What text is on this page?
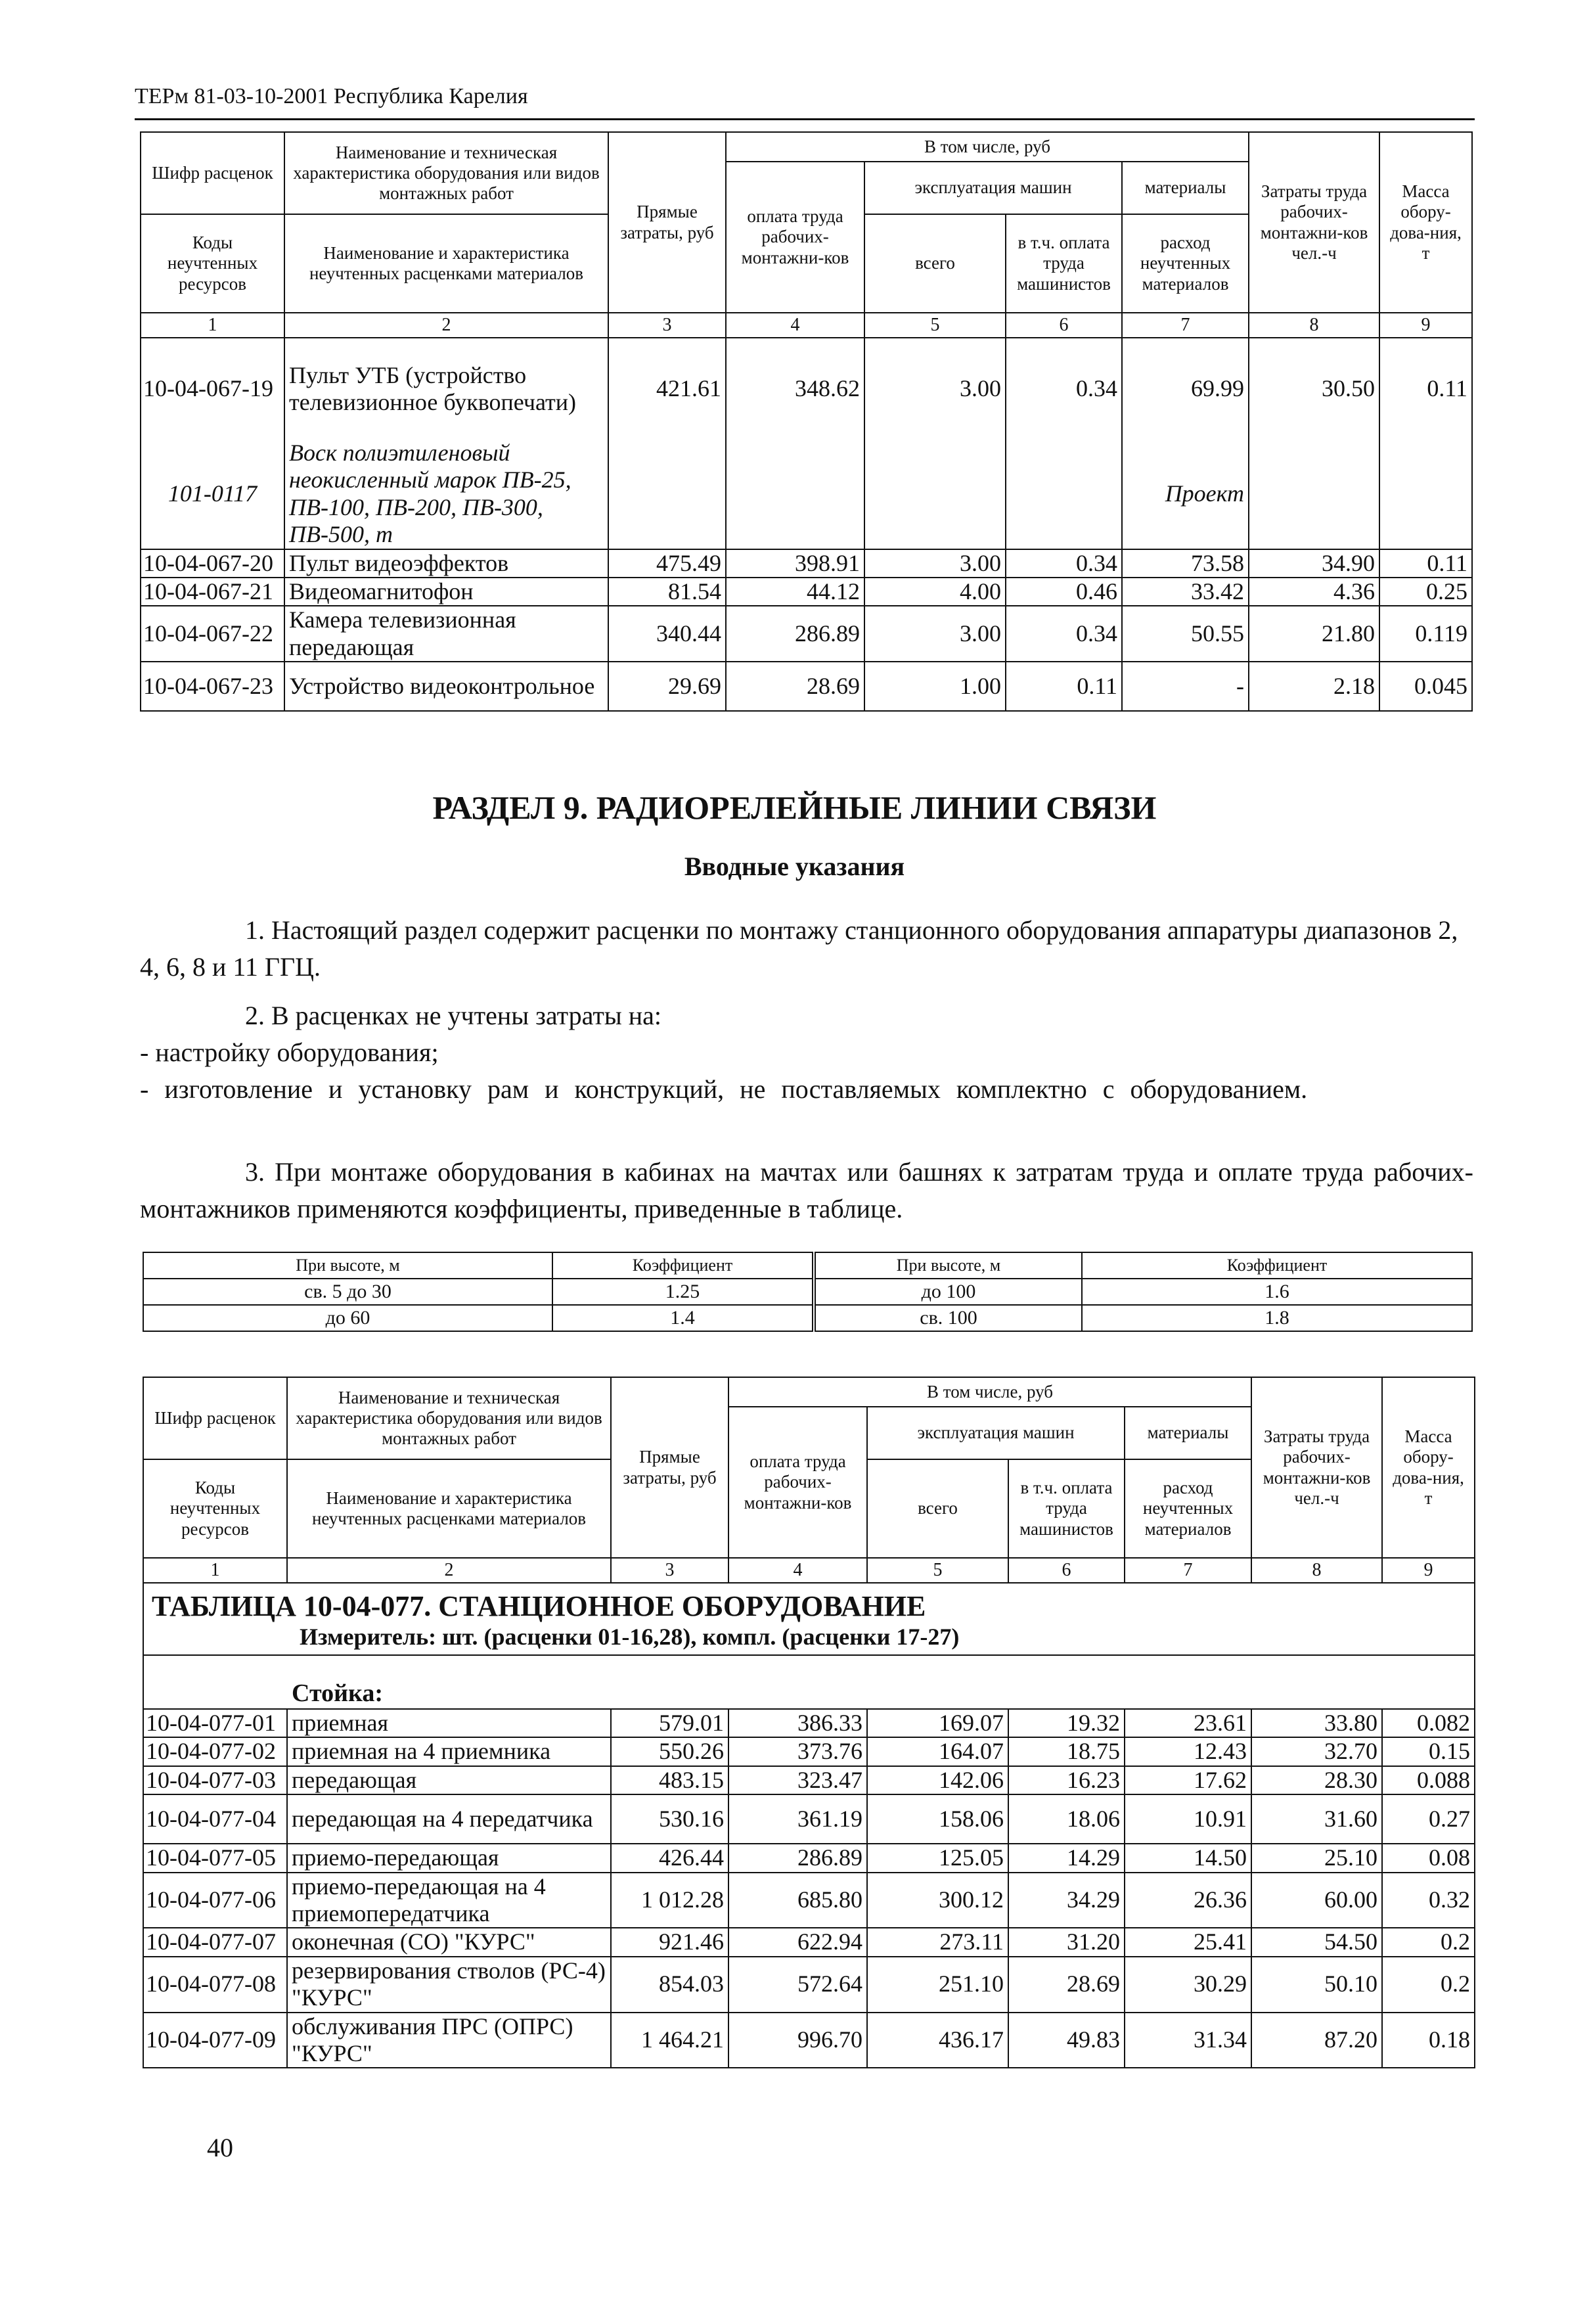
ТЕРм 81-03-10-2001 Республика Карелия
Шифр расценок	Наименование и техническая характеристика оборудования или видов монтажных работ	Прямые затраты, руб	В том числе, руб				Затраты труда рабочих-монтажни-ков чел.-ч	Масса обору-дова-ния, т
			оплата труда рабочих-монтажни-ков	эксплуатация машин		материалы		
Коды неучтенных ресурсов	Наименование и характеристика неучтенных расценками материалов			всего	в т.ч. оплата труда машинистов	расход неучтенных материалов		

1	2	3	4	5	6	7	8	9
10-04-067-19	Пульт УТБ (устройство телевизионное буквопечати)	421.61	348.62	3.00	0.34	69.99	30.50	0.11
101-0117	Воск полиэтиленовый неокисленный марок ПВ-25, ПВ-100, ПВ-200, ПВ-300, ПВ-500, т					Проект		
10-04-067-20	Пульт видеоэффектов	475.49	398.91	3.00	0.34	73.58	34.90	0.11
10-04-067-21	Видеомагнитофон	81.54	44.12	4.00	0.46	33.42	4.36	0.25
10-04-067-22	Камера телевизионная передающая	340.44	286.89	3.00	0.34	50.55	21.80	0.119
10-04-067-23	Устройство видеоконтрольное	29.69	28.69	1.00	0.11	-	2.18	0.045
РАЗДЕЛ 9. РАДИОРЕЛЕЙНЫЕ ЛИНИИ СВЯЗИ
Вводные указания
1. Настоящий раздел содержит расценки по монтажу станционного оборудования аппаратуры диапазонов 2, 4, 6, 8 и 11 ГГЦ.
2. В расценках не учтены затраты на:
- настройку оборудования;
- изготовление и установку рам и конструкций, не поставляемых комплектно с оборудованием.
3. При монтаже оборудования в кабинах на мачтах или башнях к затратам труда и оплате труда рабочих-монтажников применяются коэффициенты, приведенные в таблице.
При высоте, м	Коэффициент	При высоте, м	Коэффициент
св. 5 до 30	1.25	до 100	1.6
до 60	1.4	св. 100	1.8
Шифр расценок	Наименование и техническая характеристика оборудования или видов монтажных работ	Прямые затраты, руб	В том числе, руб				Затраты труда рабочих-монтажни-ков чел.-ч	Масса обору-дова-ния, т
			оплата труда рабочих-монтажни-ков	эксплуатация машин		материалы		
Коды неучтенных ресурсов	Наименование и характеристика неучтенных расценками материалов			всего	в т.ч. оплата труда машинистов	расход неучтенных материалов		

1	2	3	4	5	6	7	8	9

ТАБЛИЦА 10-04-077. СТАНЦИОННОЕ ОБОРУДОВАНИЕ
Измеритель: шт. (расценки 01-16,28), компл. (расценки 17-27)								

Стойка:								
10-04-077-01	приемная	579.01	386.33	169.07	19.32	23.61	33.80	0.082
10-04-077-02	приемная на 4 приемника	550.26	373.76	164.07	18.75	12.43	32.70	0.15
10-04-077-03	передающая	483.15	323.47	142.06	16.23	17.62	28.30	0.088
10-04-077-04	передающая на 4 передатчика	530.16	361.19	158.06	18.06	10.91	31.60	0.27
10-04-077-05	приемо-передающая	426.44	286.89	125.05	14.29	14.50	25.10	0.08
10-04-077-06	приемо-передающая на 4 приемопередатчика	1 012.28	685.80	300.12	34.29	26.36	60.00	0.32
10-04-077-07	оконечная (СО) "КУРС"	921.46	622.94	273.11	31.20	25.41	54.50	0.2
10-04-077-08	резервирования стволов (РС-4) "КУРС"	854.03	572.64	251.10	28.69	30.29	50.10	0.2
10-04-077-09	обслуживания ПРС (ОПРС) "КУРС"	1 464.21	996.70	436.17	49.83	31.34	87.20	0.18
40
